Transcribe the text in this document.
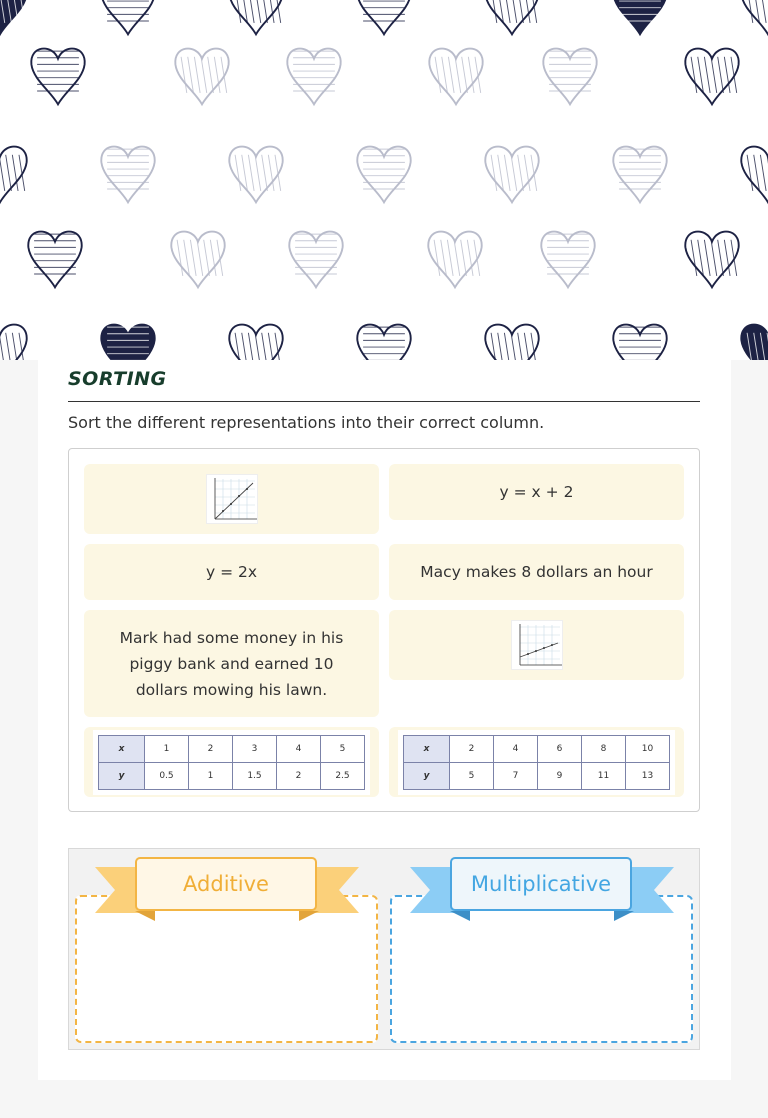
SORTING
Sort the different representations into their correct column.
y = x + 2
y = 2x	Macy makes 8 dollars an hour
Mark had some money in his piggy bank and earned 10 dollars mowing his lawn.
x	1	2	3	4	5
y	0.5	1	1.5	2	2.5
x	2	4	6	8	10
y	5	7	9	11	13
Additive	Multiplicative
